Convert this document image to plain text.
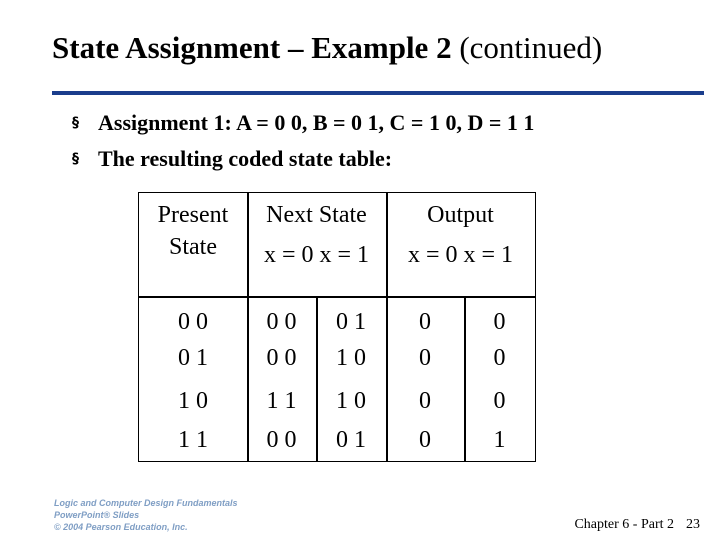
State Assignment – Example 2 (continued)
§ Assignment 1: A = 0 0, B = 0 1, C = 1 0, D = 1 1
§ The resulting coded state table:
Present
State
Next State
x = 0 x = 1
Output
x = 0 x = 1
0 0	0 0	0 1	0	0
0 1	0 0	1 0	0	0
1 0	1 1	1 0	0	0
1 1	0 0	0 1	0	1
Logic and Computer Design Fundamentals
PowerPoint® Slides
© 2004 Pearson Education, Inc.	Chapter 6 - Part 2 23
